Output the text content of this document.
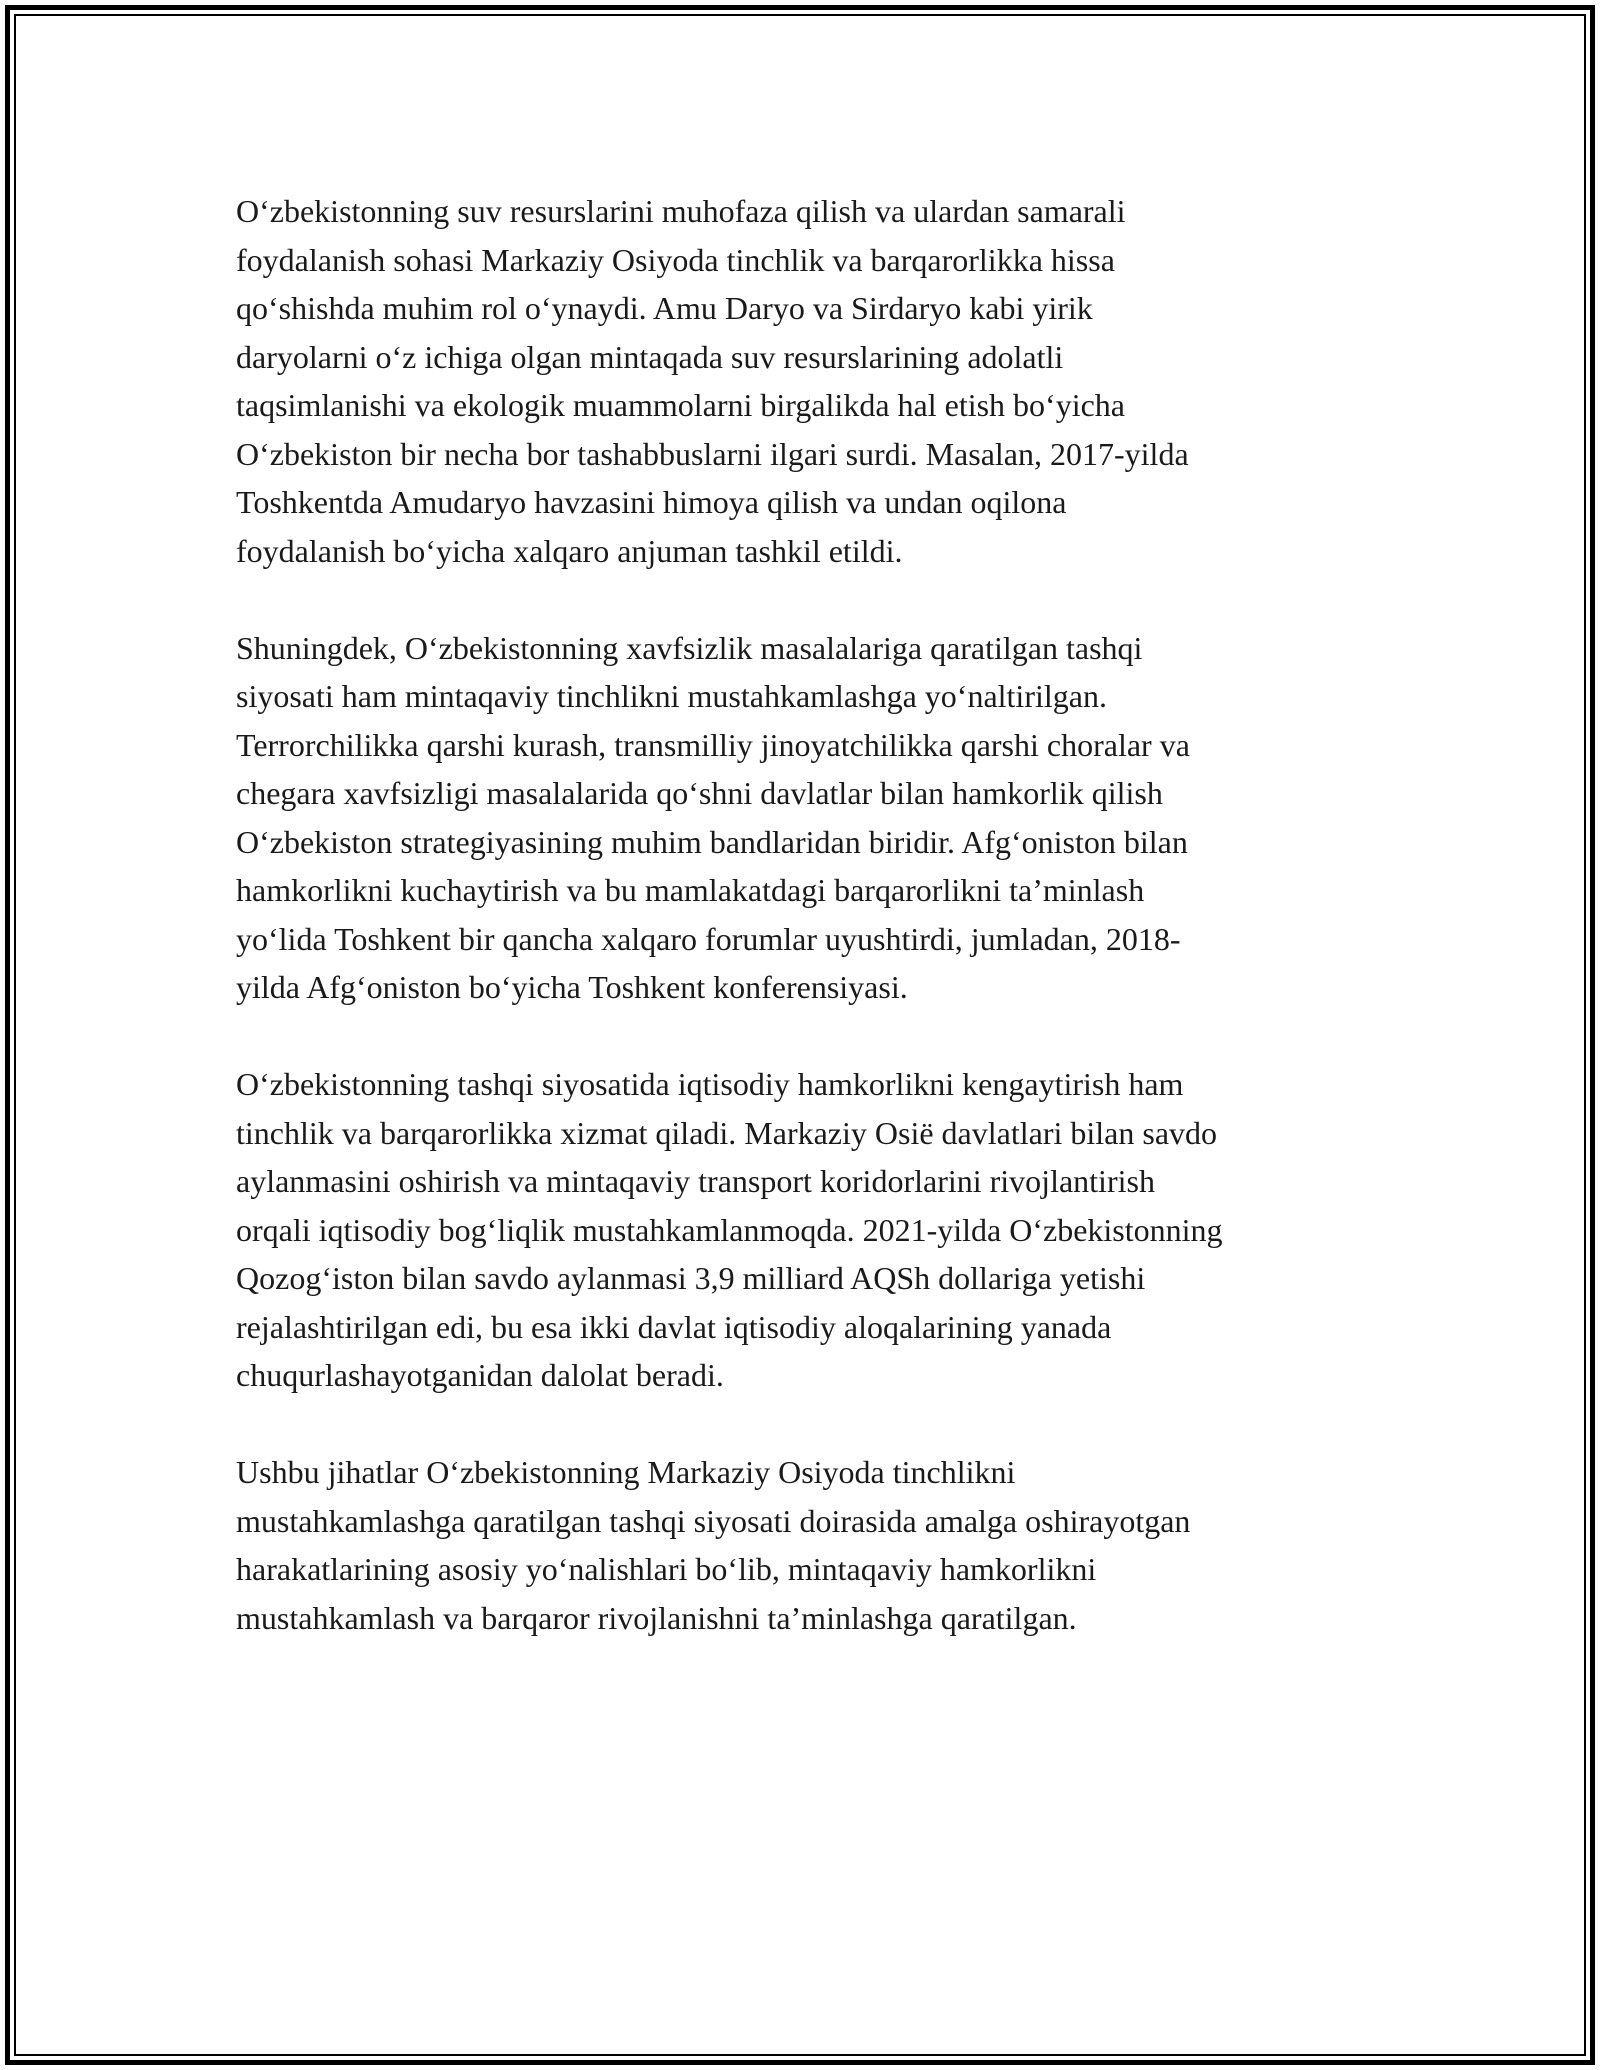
O‘zbekistonning suv resurslarini muhofaza qilish va ulardan samarali
foydalanish sohasi Markaziy Osiyoda tinchlik va barqarorlikka hissa
qo‘shishda muhim rol o‘ynaydi. Amu Daryo va Sirdaryo kabi yirik
daryolarni o‘z ichiga olgan mintaqada suv resurslarining adolatli
taqsimlanishi va ekologik muammolarni birgalikda hal etish bo‘yicha
O‘zbekiston bir necha bor tashabbuslarni ilgari surdi. Masalan, 2017-yilda
Toshkentda Amudaryo havzasini himoya qilish va undan oqilona
foydalanish bo‘yicha xalqaro anjuman tashkil etildi.
Shuningdek, O‘zbekistonning xavfsizlik masalalariga qaratilgan tashqi
siyosati ham mintaqaviy tinchlikni mustahkamlashga yo‘naltirilgan.
Terrorchilikka qarshi kurash, transmilliy jinoyatchilikka qarshi choralar va
chegara xavfsizligi masalalarida qo‘shni davlatlar bilan hamkorlik qilish
O‘zbekiston strategiyasining muhim bandlaridan biridir. Afg‘oniston bilan
hamkorlikni kuchaytirish va bu mamlakatdagi barqarorlikni ta’minlash
yo‘lida Toshkent bir qancha xalqaro forumlar uyushtirdi, jumladan, 2018-
yilda Afg‘oniston bo‘yicha Toshkent konferensiyasi.
O‘zbekistonning tashqi siyosatida iqtisodiy hamkorlikni kengaytirish ham
tinchlik va barqarorlikka xizmat qiladi. Markaziy Osiё davlatlari bilan savdo
aylanmasini oshirish va mintaqaviy transport koridorlarini rivojlantirish
orqali iqtisodiy bog‘liqlik mustahkamlanmoqda. 2021-yilda O‘zbekistonning
Qozog‘iston bilan savdo aylanmasi 3,9 milliard AQSh dollariga yetishi
rejalashtirilgan edi, bu esa ikki davlat iqtisodiy aloqalarining yanada
chuqurlashayotganidan dalolat beradi.
Ushbu jihatlar O‘zbekistonning Markaziy Osiyoda tinchlikni
mustahkamlashga qaratilgan tashqi siyosati doirasida amalga oshirayotgan
harakatlarining asosiy yo‘nalishlari bo‘lib, mintaqaviy hamkorlikni
mustahkamlash va barqaror rivojlanishni ta’minlashga qaratilgan.
